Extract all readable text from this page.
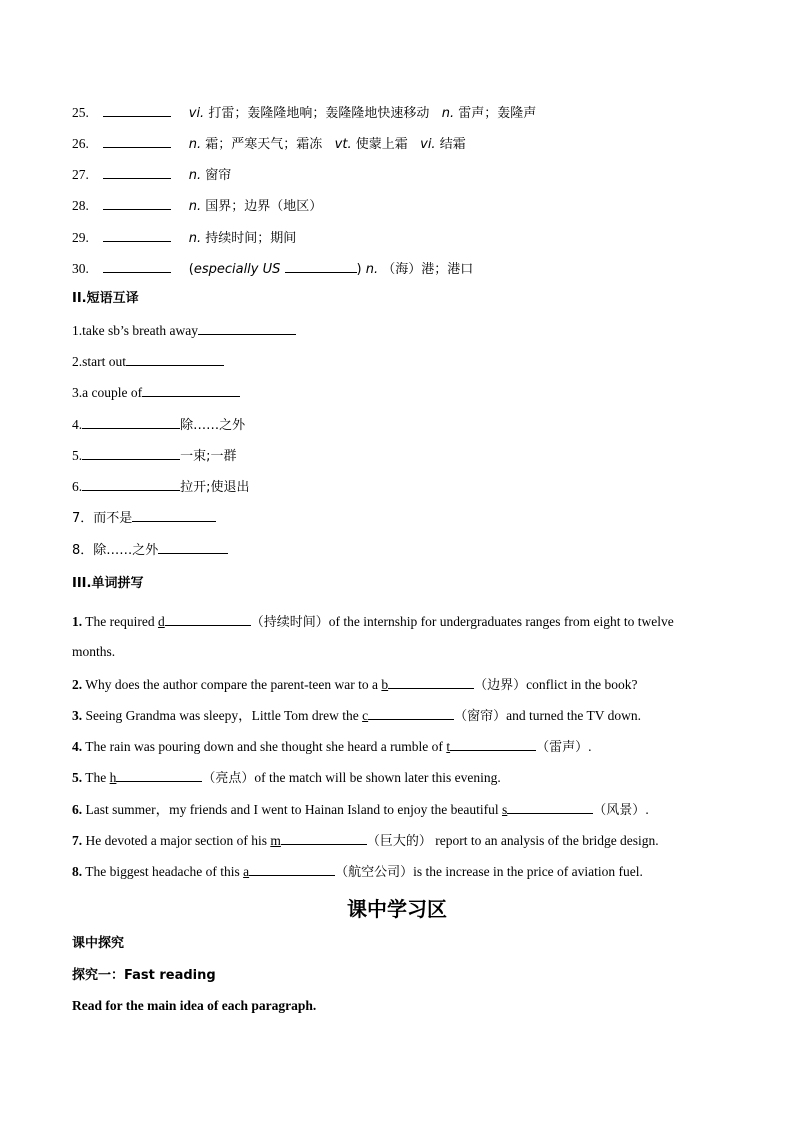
25.	vi. 打雷；轰隆隆地响；轰隆隆地快速移动   n. 雷声；轰隆声
26.	n. 霜；严寒天气；霜冻   vt. 使蒙上霜   vi. 结霜
27.	n. 窗帘
28.	n. 国界；边界（地区）
29.	n. 持续时间；期间
30.	(especially US	) n. （海）港；港口
II.短语互译
1.take sb’s breath away
2.start out
3.a couple of
4.	除……之外
5.	一束;一群
6.	拉开;使退出
7．而不是
8．除……之外
III.单词拼写
1. The required d	（持续时间）of the internship for undergraduates ranges from eight to twelve
months.
2. Why does the author compare the parent-teen war to a b	（边界）conflict in the book?
3. Seeing Grandma was sleepy，Little Tom drew the c	（窗帘）and turned the TV down.
4. The rain was pouring down and she thought she heard a rumble of t	（雷声）.
5. The h	（亮点）of the match will be shown later this evening.
6. Last summer，my friends and I went to Hainan Island to enjoy the beautiful s	（风景）.
7. He devoted a major section of his m	（巨大的） report to an analysis of the bridge design.
8. The biggest headache of this a	（航空公司）is the increase in the price of aviation fuel.
课中学习区
课中探究
探究一：Fast reading
Read for the main idea of each paragraph.
